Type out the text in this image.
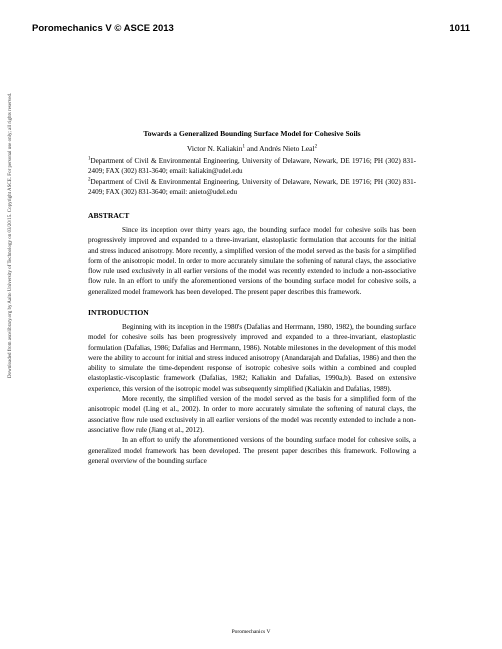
Poromechanics V © ASCE 2013	1011
Downloaded from ascelibrary.org by Aalto University of Technology on 03/20/15. Copyright ASCE. For personal use only; all rights reserved.	Towards a Generalized Bounding Surface Model for Cohesive Soils

Victor N. Kaliakin$^1$ and Andrés Nieto Leal$^2$

$^1$Department of Civil & Environmental Engineering, University of Delaware, Newark, DE 19716; PH (302) 831-2409; FAX (302) 831-3640; email: kaliakin@udel.edu

$^2$Department of Civil & Environmental Engineering, University of Delaware, Newark, DE 19716; PH (302) 831-2409; FAX (302) 831-3640; email: anieto@udel.edu

ABSTRACT

Since its inception over thirty years ago, the bounding surface model for cohesive soils has been progressively improved and expanded to a three-invariant, elastoplastic formulation that accounts for the initial and stress induced anisotropy. More recently, a simplified version of the model served as the basis for a simplified form of the anisotropic model. In order to more accurately simulate the softening of natural clays, the associative flow rule used exclusively in all earlier versions of the model was recently extended to include a non-associative flow rule. In an effort to unify the aforementioned versions of the bounding surface model for cohesive soils, a generalized model framework has been developed. The present paper describes this framework.

INTRODUCTION

Beginning with its inception in the 1980's (Dafalias and Herrmann, 1980, 1982), the bounding surface model for cohesive soils has been progressively improved and expanded to a three-invariant, elastoplastic formulation (Dafalias, 1986; Dafalias and Herrmann, 1986). Notable milestones in the development of this model were the ability to account for initial and stress induced anisotropy (Anandarajah and Dafalias, 1986) and then the ability to simulate the time-dependent response of isotropic cohesive soils within a combined and coupled elastoplastic-viscoplastic framework (Dafalias, 1982; Kaliakin and Dafalias, 1990a,b). Based on extensive experience, this version of the isotropic model was subsequently simplified (Kaliakin and Dafalias, 1989).

More recently, the simplified version of the model served as the basis for a simplified form of the anisotropic model (Ling et al., 2002). In order to more accurately simulate the softening of natural clays, the associative flow rule used exclusively in all earlier versions of the model was recently extended to include a non-associative flow rule (Jiang et al., 2012).

In an effort to unify the aforementioned versions of the bounding surface model for cohesive soils, a generalized model framework has been developed. The present paper describes this framework. Following a general overview of the bounding surface

Poromechanics V
